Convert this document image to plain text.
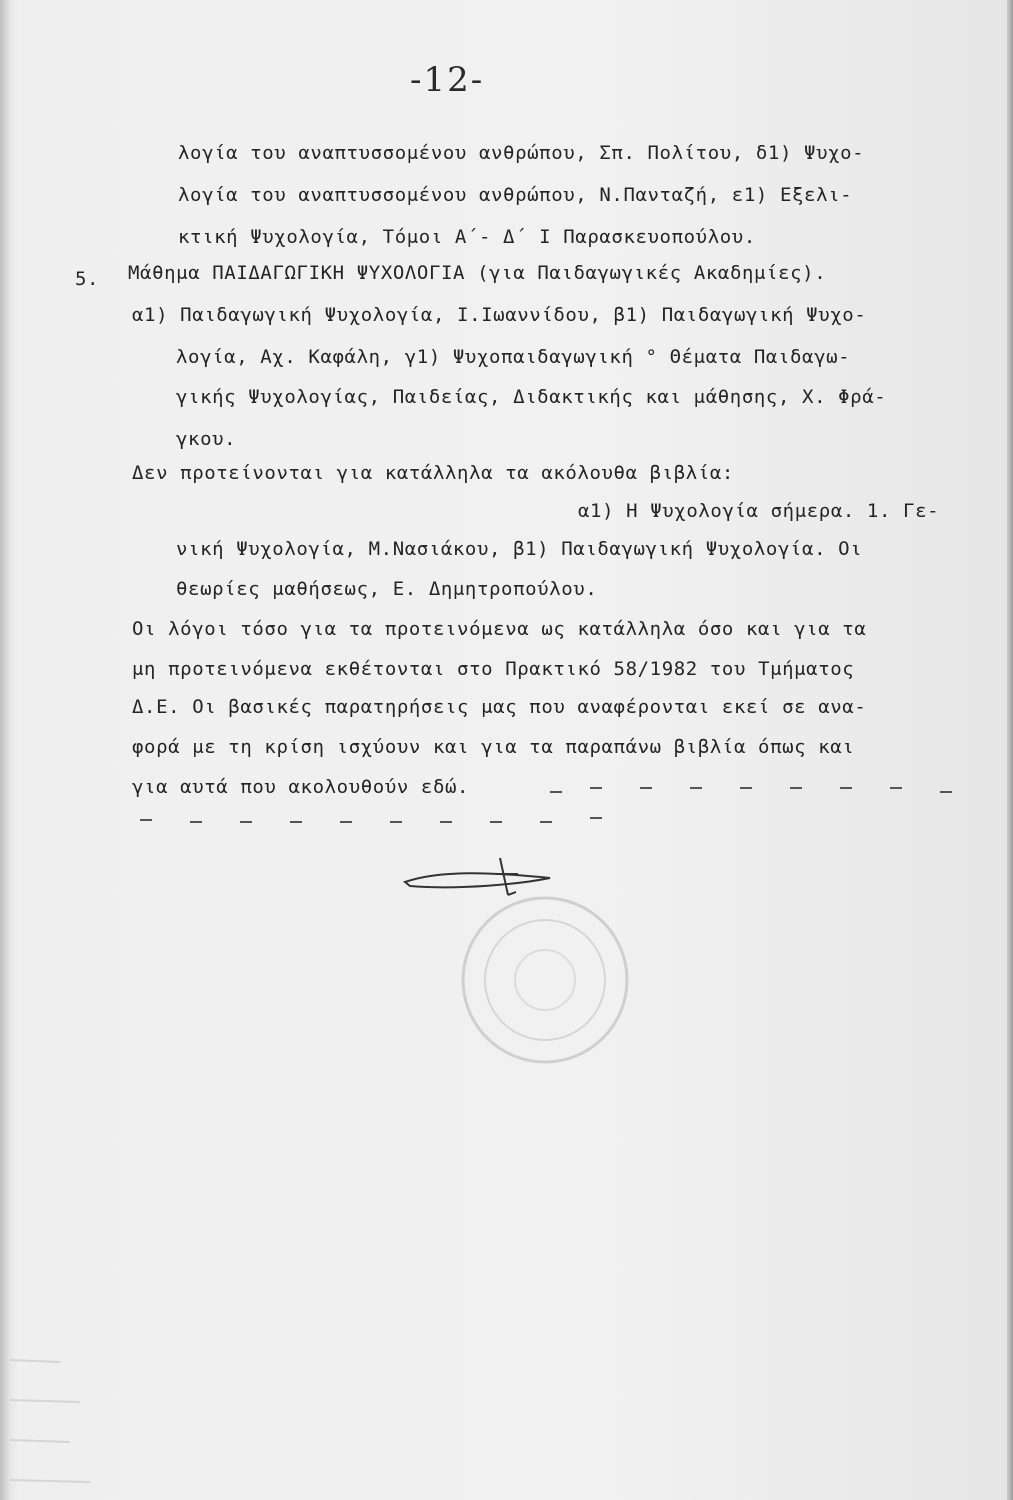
-12-
λογία του αναπτυσσομένου ανθρώπου, Σπ. Πολίτου, δ1) Ψυχο-
λογία του αναπτυσσομένου ανθρώπου, Ν.Πανταζή, ε1) Εξελι-
κτική Ψυχολογία, Τόμοι Α΄- Δ΄ Ι Παρασκευοπούλου.
5. Μάθημα ΠΑΙΔΑΓΩΓΙΚΗ ΨΥΧΟΛΟΓΙΑ (για Παιδαγωγικές Ακαδημίες).
α1) Παιδαγωγική Ψυχολογία, Ι.Ιωαννίδου, β1) Παιδαγωγική Ψυχο-
λογία, Αχ. Καφάλη, γ1) Ψυχοπαιδαγωγική ° Θέματα Παιδαγω-
γικής Ψυχολογίας, Παιδείας, Διδακτικής και μάθησης, Χ. Φρά-
γκου.
Δεν προτείνονται για κατάλληλα τα ακόλουθα βιβλία:
α1) Η Ψυχολογία σήμερα. 1. Γε-
νική Ψυχολογία, Μ.Νασιάκου, β1) Παιδαγωγική Ψυχολογία. Οι
θεωρίες μαθήσεως, Ε. Δημητροπούλου.
Οι λόγοι τόσο για τα προτεινόμενα ως κατάλληλα όσο και για τα
μη προτεινόμενα εκθέτονται στο Πρακτικό 58/1982 του Τμήματος
Δ.Ε. Οι βασικές παρατηρήσεις μας που αναφέρονται εκεί σε ανα-
φορά με τη κρίση ισχύουν και για τα παραπάνω βιβλία όπως και
για αυτά που ακολουθούν εδώ.
